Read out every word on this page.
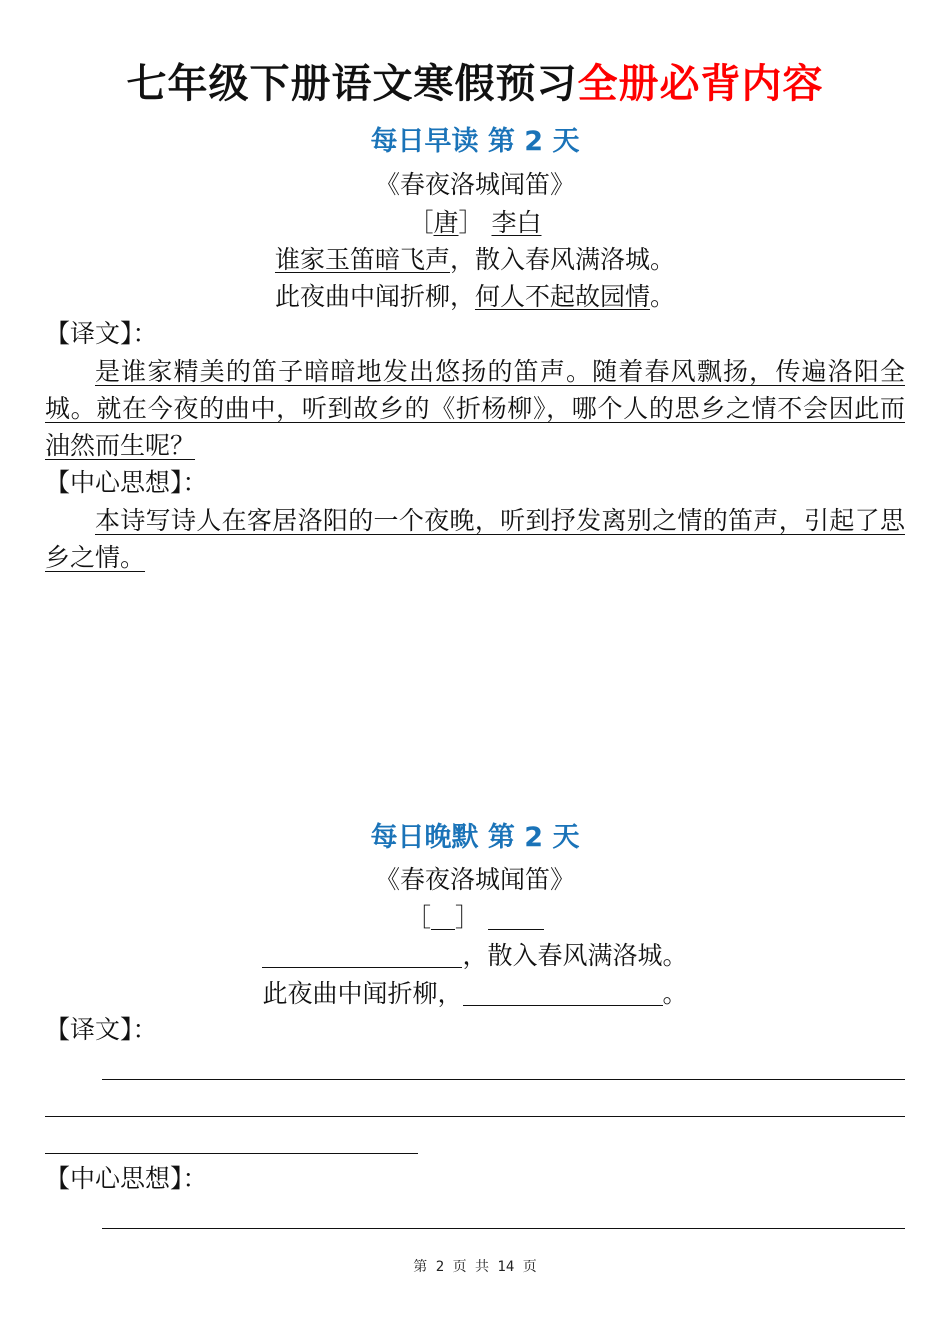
七年级下册语文寒假预习全册必背内容
每日早读 第 2 天
《春夜洛城闻笛》
［唐］ 李白
谁家玉笛暗飞声，散入春风满洛城。
此夜曲中闻折柳，何人不起故园情。
【译文】：
是谁家精美的笛子暗暗地发出悠扬的笛声。随着春风飘扬，传遍洛阳全城。就在今夜的曲中，听到故乡的《折杨柳》，哪个人的思乡之情不会因此而油然而生呢？
【中心思想】：
本诗写诗人在客居洛阳的一个夜晚，听到抒发离别之情的笛声，引起了思乡之情。
每日晚默 第 2 天
《春夜洛城闻笛》
［ ］
，散入春风满洛城。
此夜曲中闻折柳，	。
【译文】：
【中心思想】：
第 2 页 共 14 页
